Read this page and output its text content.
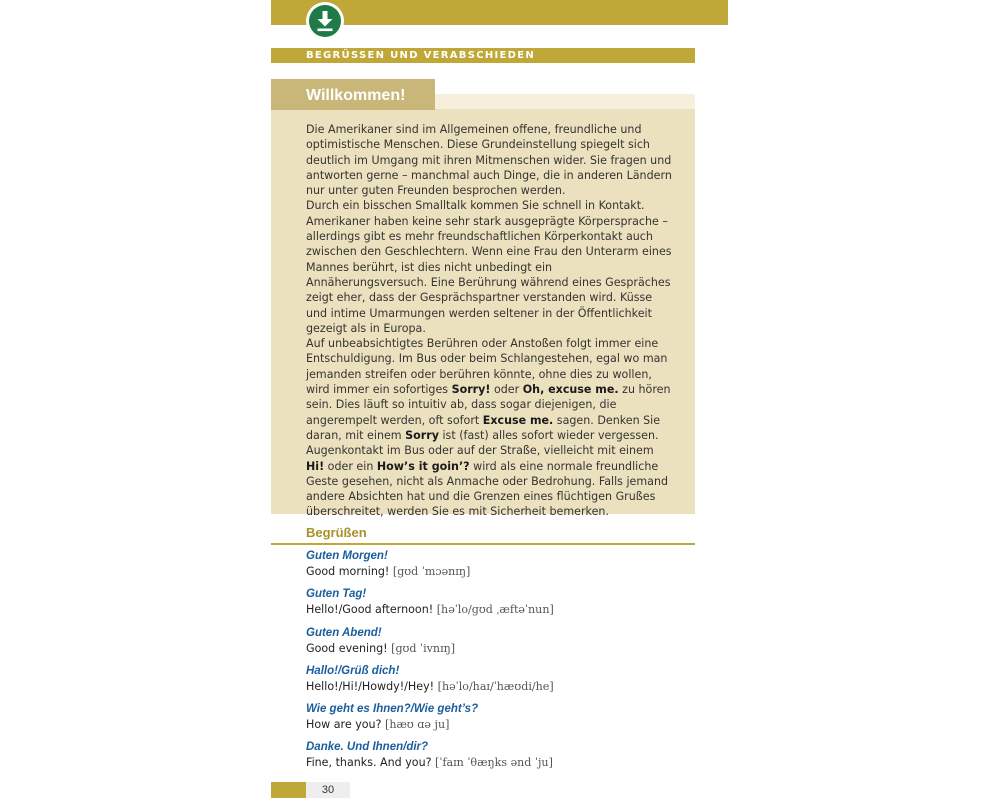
BEGRÜSSEN UND VERABSCHIEDEN
Willkommen!

Die Amerikaner sind im Allgemeinen offene, freundliche und optimistische Menschen. Diese Grundeinstellung spiegelt sich deutlich im Umgang mit ihren Mitmenschen wider. Sie fragen und antworten gerne – manchmal auch Dinge, die in anderen Ländern nur unter guten Freunden besprochen werden.

Durch ein bisschen Smalltalk kommen Sie schnell in Kontakt. Amerikaner haben keine sehr stark ausgeprägte Körpersprache – allerdings gibt es mehr freundschaftlichen Körperkontakt auch zwischen den Geschlechtern. Wenn eine Frau den Unterarm eines Mannes berührt, ist dies nicht unbedingt ein Annäherungsversuch. Eine Berührung während eines Gespräches zeigt eher, dass der Gesprächspartner verstanden wird. Küsse und intime Umarmungen werden seltener in der Öffentlichkeit gezeigt als in Europa.

Auf unbeabsichtigtes Berühren oder Anstoßen folgt immer eine Entschuldigung. Im Bus oder beim Schlangestehen, egal wo man jemanden streifen oder berühren könnte, ohne dies zu wollen, wird immer ein sofortiges Sorry! oder Oh, excuse me. zu hören sein. Dies läuft so intuitiv ab, dass sogar diejenigen, die angerempelt werden, oft sofort Excuse me. sagen. Denken Sie daran, mit einem Sorry ist (fast) alles sofort wieder vergessen.

Augenkontakt im Bus oder auf der Straße, vielleicht mit einem Hi! oder ein How’s it goin’? wird als eine normale freundliche Geste gesehen, nicht als Anmache oder Bedrohung. Falls jemand andere Absichten hat und die Grenzen eines flüchtigen Grußes überschreitet, werden Sie es mit Sicherheit bemerken.

Begrüßen
Guten Morgen!
Good morning! [gʊd ˈmɔənɪŋ]
Guten Tag!
Hello!/Good afternoon! [həˈlo/gʊd ˌæftəˈnun]
Guten Abend!
Good evening! [gʊd ˈivnɪŋ]
Hallo!/Grüß dich!
Hello!/Hi!/Howdy!/Hey! [həˈlo/haɪ/ˈhæʊdi/he]
Wie geht es Ihnen?/Wie geht’s?
How are you? [hæʊ ɑə ju]
Danke. Und Ihnen/dir?
Fine, thanks. And you? [ˈfaɪn ˈθæŋks ənd ˈju]
30
